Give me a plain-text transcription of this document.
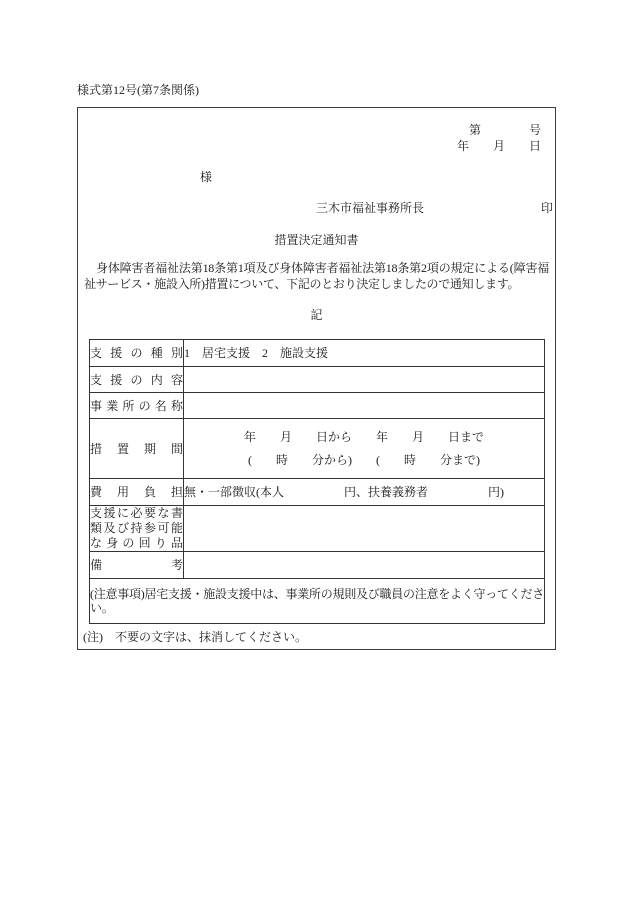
様式第12号(第7条関係)
第　　　　号
年　　月　　日
様
三木市福祉事務所長	印
措置決定通知書
身体障害者福祉法第18条第1項及び身体障害者福祉法第18条第2項の規定による(障害福祉サービス・施設入所)措置について、下記のとおり決定しましたので通知します。
記
支援の種別	1　居宅支援　2　施設支援

支援の内容	

事業所の名称	

措置期間	年　　月　　日から　　年　　月　　日まで
(　　時　　分から)　　(　　時　　分まで)

費用負担	無・一部徴収(本人　　　　　円、扶養義務者　　　　　円)

支援に必要な書類及び持参可能な身の回り品	

備考	

(注意事項)居宅支援・施設支援中は、事業所の規則及び職員の注意をよく守ってください。	
(注)　不要の文字は、抹消してください。
